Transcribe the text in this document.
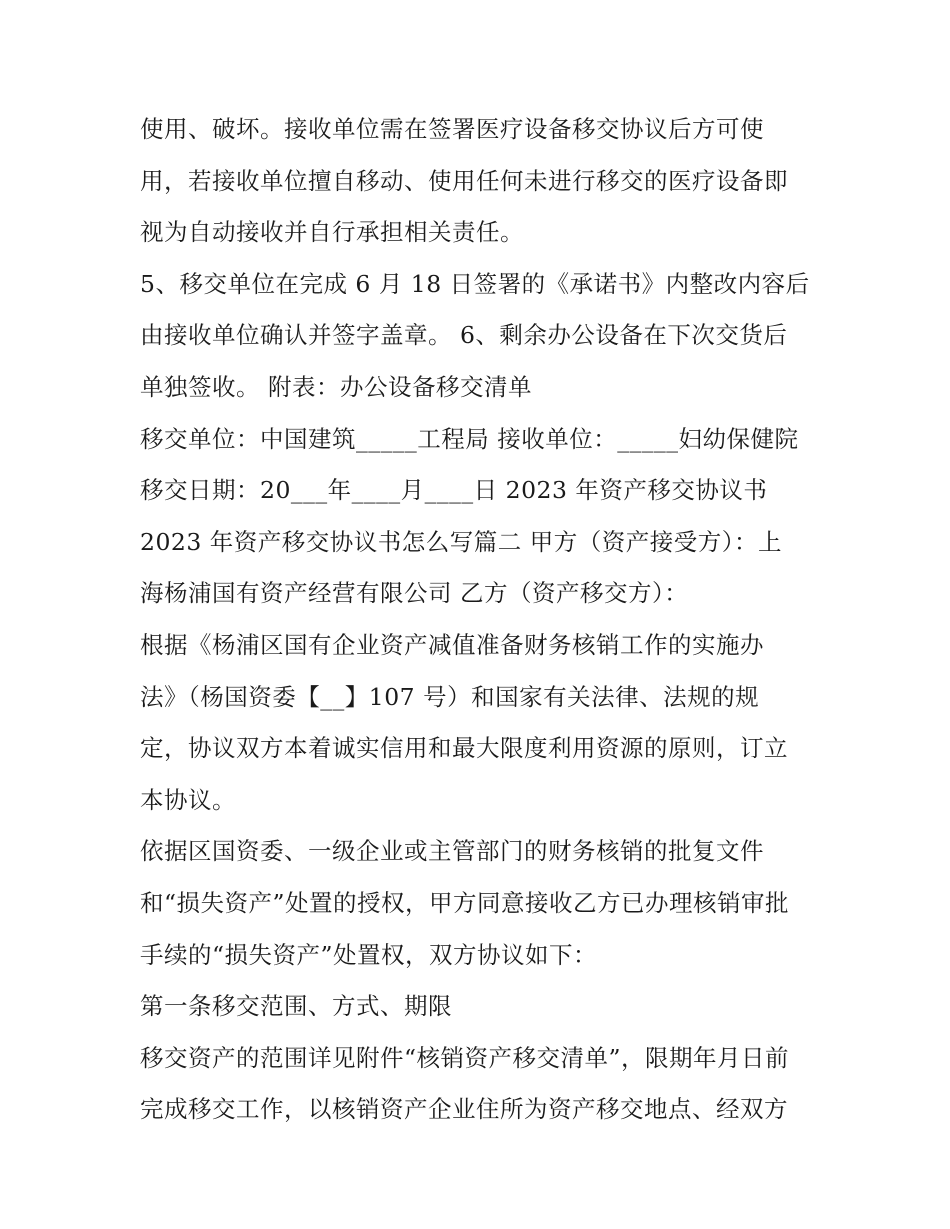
使用、破坏。接收单位需在签署医疗设备移交协议后方可使
用，若接收单位擅自移动、使用任何未进行移交的医疗设备即
视为自动接收并自行承担相关责任。
5、移交单位在完成 6 月 18 日签署的《承诺书》内整改内容后
由接收单位确认并签字盖章。 6、剩余办公设备在下次交货后
单独签收。 附表：办公设备移交清单
移交单位：中国建筑_____工程局 接收单位：_____妇幼保健院
移交日期：20___年____月____日 2023 年资产移交协议书
2023 年资产移交协议书怎么写篇二 甲方（资产接受方）：上
海杨浦国有资产经营有限公司 乙方（资产移交方）：
根据《杨浦区国有企业资产减值准备财务核销工作的实施办
法》（杨国资委【__】107 号）和国家有关法律、法规的规
定，协议双方本着诚实信用和最大限度利用资源的原则，订立
本协议。
依据区国资委、一级企业或主管部门的财务核销的批复文件
和“损失资产”处置的授权，甲方同意接收乙方已办理核销审批
手续的“损失资产”处置权，双方协议如下：
第一条移交范围、方式、期限
移交资产的范围详见附件“核销资产移交清单”，限期年月日前
完成移交工作，以核销资产企业住所为资产移交地点、经双方
